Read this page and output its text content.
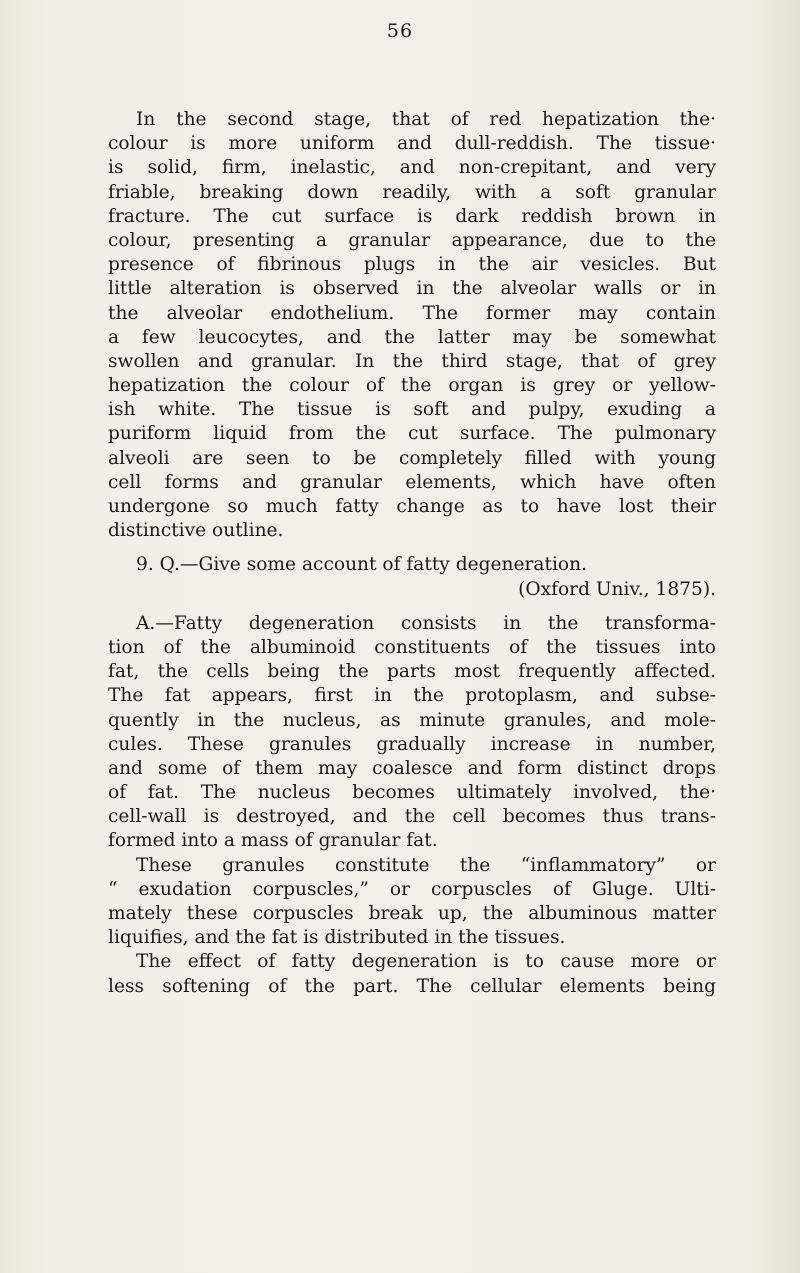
56
In the second stage, that of red hepatization the·
colour is more uniform and dull-reddish. The tissue·
is solid, firm, inelastic, and non-crepitant, and very
friable, breaking down readily, with a soft granular
fracture. The cut surface is dark reddish brown in
colour, presenting a granular appearance, due to the
presence of fibrinous plugs in the air vesicles. But
little alteration is observed in the alveolar walls or in
the alveolar endothelium. The former may contain
a few leucocytes, and the latter may be somewhat
swollen and granular. In the third stage, that of grey
hepatization the colour of the organ is grey or yellow-
ish white. The tissue is soft and pulpy, exuding a
puriform liquid from the cut surface. The pulmonary
alveoli are seen to be completely filled with young
cell forms and granular elements, which have often
undergone so much fatty change as to have lost their
distinctive outline.
9. Q.—Give some account of fatty degeneration.
(Oxford Univ., 1875).
A.—Fatty degeneration consists in the transforma-
tion of the albuminoid constituents of the tissues into
fat, the cells being the parts most frequently affected.
The fat appears, first in the protoplasm, and subse-
quently in the nucleus, as minute granules, and mole-
cules. These granules gradually increase in number,
and some of them may coalesce and form distinct drops
of fat. The nucleus becomes ultimately involved, the·
cell-wall is destroyed, and the cell becomes thus trans-
formed into a mass of granular fat.
These granules constitute the “inflammatory” or
“ exudation corpuscles,” or corpuscles of Gluge. Ulti-
mately these corpuscles break up, the albuminous matter
liquifies, and the fat is distributed in the tissues.
The effect of fatty degeneration is to cause more or
less softening of the part. The cellular elements being
